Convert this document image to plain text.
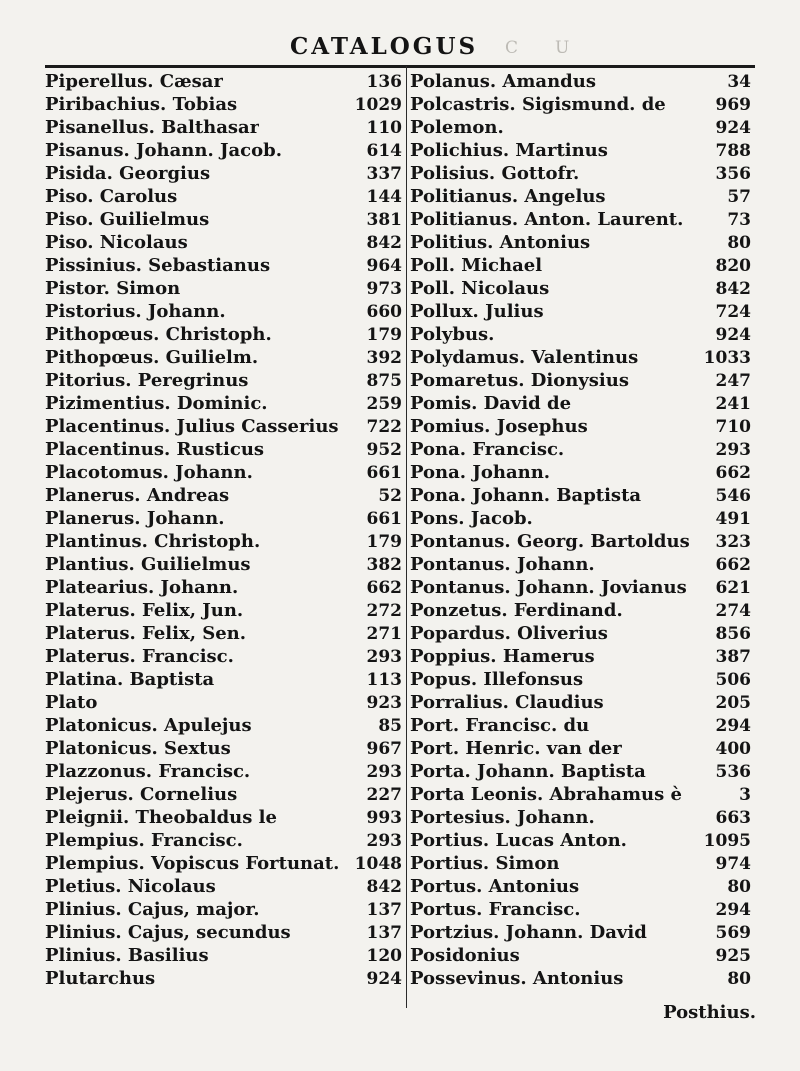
C U
CATALOGUS
Piperellus. Cæsar	136
Piribachius. Tobias	1029
Pisanellus. Balthasar	110
Pisanus. Johann. Jacob.	614
Pisida. Georgius	337
Piso. Carolus	144
Piso. Guilielmus	381
Piso. Nicolaus	842
Pissinius. Sebastianus	964
Pistor. Simon	973
Pistorius. Johann.	660
Pithopœus. Christoph.	179
Pithopœus. Guilielm.	392
Pitorius. Peregrinus	875
Pizimentius. Dominic.	259
Placentinus. Julius Casserius 722
Placentinus. Rusticus	952
Placotomus. Johann.	661
Planerus. Andreas	52
Planerus. Johann.	661
Plantinus. Christoph.	179
Plantius. Guilielmus	382
Platearius. Johann.	662
Platerus. Felix, Jun.	272
Platerus. Felix, Sen.	271
Platerus. Francisc.	293
Platina. Baptista	113
Plato	923
Platonicus. Apulejus	85
Platonicus. Sextus	967
Plazzonus. Francisc.	293
Plejerus. Cornelius	227
Pleignii. Theobaldus le	993
Plempius. Francisc.	293
Plempius. Vopiscus Fortunat. 1048
Pletius. Nicolaus	842
Plinius. Cajus, major.	137
Plinius. Cajus, secundus	137
Plinius. Basilius	120
Plutarchus	924
Polanus. Amandus	34
Polcastris. Sigismund. de	969
Polemon.	924
Polichius. Martinus	788
Polisius. Gottofr.	356
Politianus. Angelus	57
Politianus. Anton. Laurent.	73
Politius. Antonius	80
Poll. Michael	820
Poll. Nicolaus	842
Pollux. Julius	724
Polybus.	924
Polydamus. Valentinus	1033
Pomaretus. Dionysius	247
Pomis. David de	241
Pomius. Josephus	710
Pona. Francisc.	293
Pona. Johann.	662
Pona. Johann. Baptista	546
Pons. Jacob.	491
Pontanus. Georg. Bartoldus 323
Pontanus. Johann.	662
Pontanus. Johann. Jovianus 621
Ponzetus. Ferdinand.	274
Popardus. Oliverius	856
Poppius. Hamerus	387
Popus. Illefonsus	506
Porralius. Claudius	205
Port. Francisc. du	294
Port. Henric. van der	400
Porta. Johann. Baptista	536
Porta Leonis. Abrahamus è	3
Portesius. Johann.	663
Portius. Lucas Anton.	1095
Portius. Simon	974
Portus. Antonius	80
Portus. Francisc.	294
Portzius. Johann. David	569
Posidonius	925
Possevinus. Antonius	80
Posthius.
